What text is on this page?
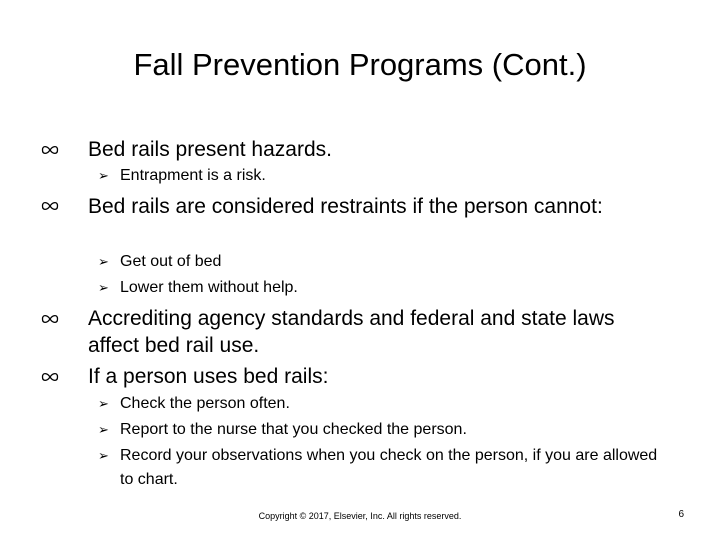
Fall Prevention Programs (Cont.)
Bed rails present hazards.
➢ Entrapment is a risk.
Bed rails are considered restraints if the person cannot:
➢ Get out of bed
➢ Lower them without help.
Accrediting agency standards and federal and state laws affect bed rail use.
If a person uses bed rails:
➢ Check the person often.
➢ Report to the nurse that you checked the person.
➢ Record your observations when you check on the person, if you are allowed to chart.
Copyright © 2017, Elsevier, Inc. All rights reserved.	6
